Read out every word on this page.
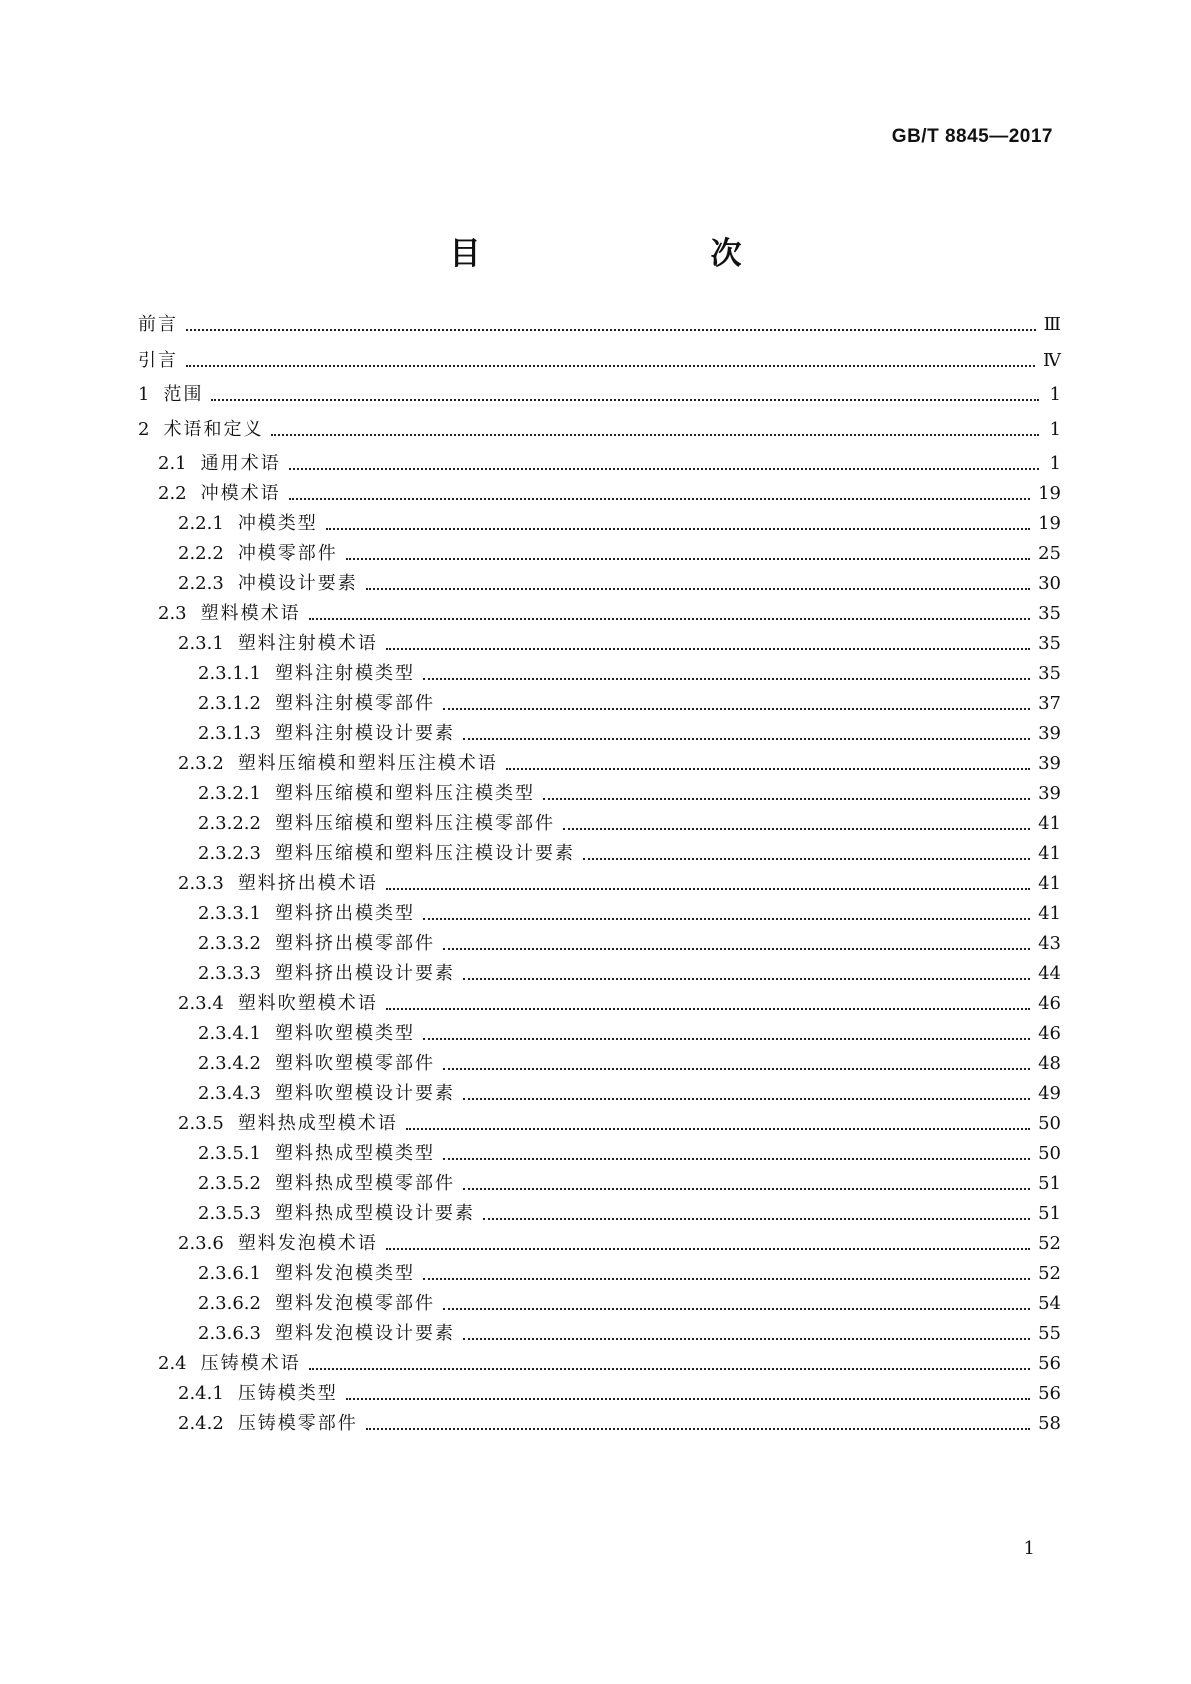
GB/T 8845—2017
目　　次
前言	Ⅲ
引言	Ⅳ
1 范围	1
2 术语和定义	1
2.1 通用术语	1
2.2 冲模术语	19
2.2.1 冲模类型	19
2.2.2 冲模零部件	25
2.2.3 冲模设计要素	30
2.3 塑料模术语	35
2.3.1 塑料注射模术语	35
2.3.1.1 塑料注射模类型	35
2.3.1.2 塑料注射模零部件	37
2.3.1.3 塑料注射模设计要素	39
2.3.2 塑料压缩模和塑料压注模术语	39
2.3.2.1 塑料压缩模和塑料压注模类型	39
2.3.2.2 塑料压缩模和塑料压注模零部件	41
2.3.2.3 塑料压缩模和塑料压注模设计要素	41
2.3.3 塑料挤出模术语	41
2.3.3.1 塑料挤出模类型	41
2.3.3.2 塑料挤出模零部件	43
2.3.3.3 塑料挤出模设计要素	44
2.3.4 塑料吹塑模术语	46
2.3.4.1 塑料吹塑模类型	46
2.3.4.2 塑料吹塑模零部件	48
2.3.4.3 塑料吹塑模设计要素	49
2.3.5 塑料热成型模术语	50
2.3.5.1 塑料热成型模类型	50
2.3.5.2 塑料热成型模零部件	51
2.3.5.3 塑料热成型模设计要素	51
2.3.6 塑料发泡模术语	52
2.3.6.1 塑料发泡模类型	52
2.3.6.2 塑料发泡模零部件	54
2.3.6.3 塑料发泡模设计要素	55
2.4 压铸模术语	56
2.4.1 压铸模类型	56
2.4.2 压铸模零部件	58
1
